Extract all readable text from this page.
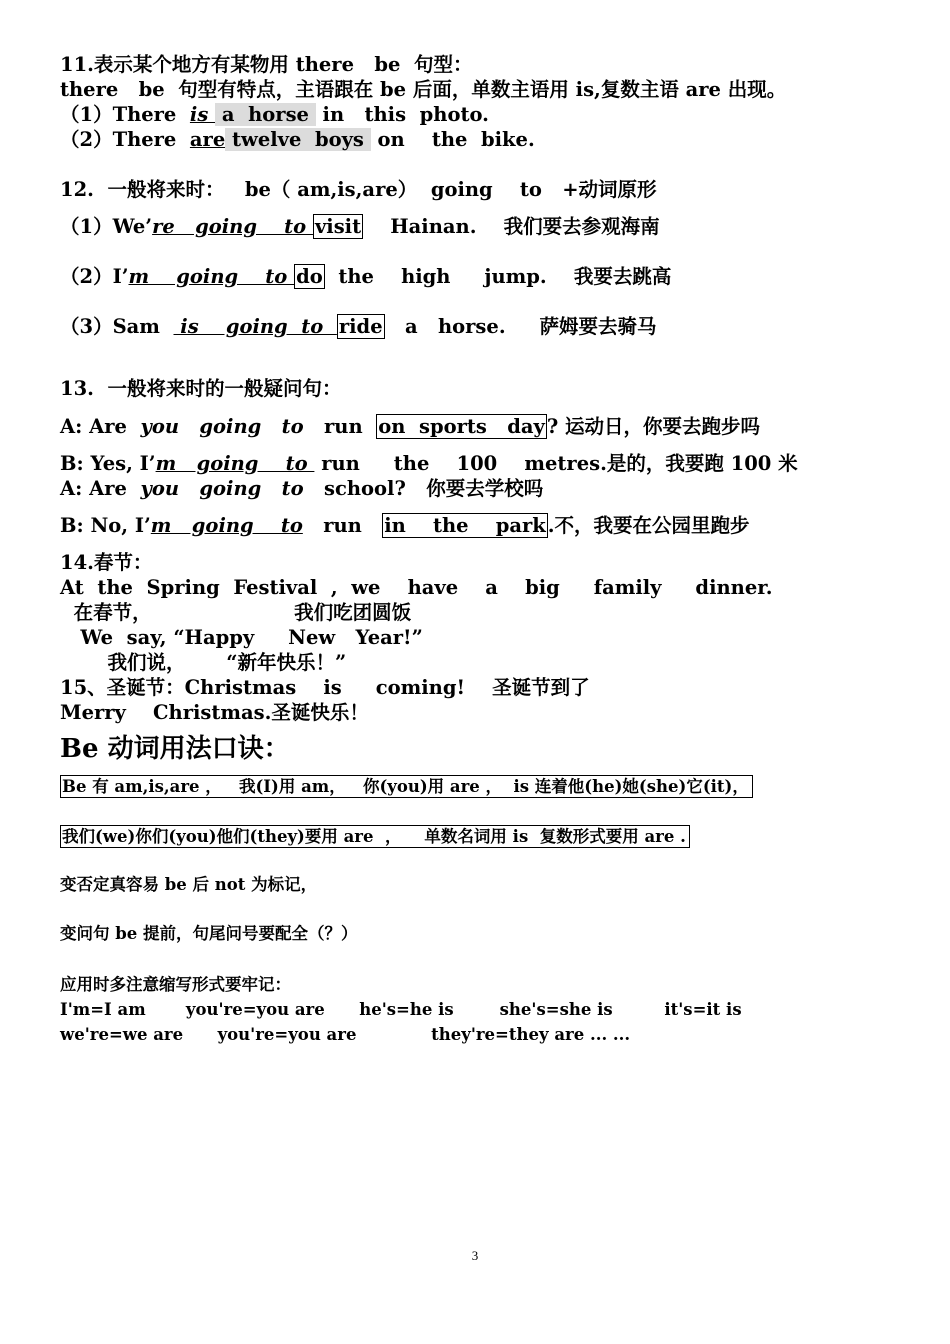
11.表示某个地方有某物用 there   be  句型：
there   be  句型有特点，主语跟在 be 后面，单数主语用 is,复数主语 are 出现。
（1）There  is  a  horse  in   this  photo.
（2）There  are twelve  boys  on    the  bike.
12.  一般将来时：   be（ am,is,are）  going    to   +动词原形
（1）We’re   going    to visit    Hainan.    我们要去参观海南
（2）I’m    going    to do  the    high     jump.    我要去跳高
（3）Sam   is    going  to  ride   a   horse.     萨姆要去骑马
13.  一般将来时的一般疑问句：
A: Are  you   going   to   run  on  sports   day ? 运动日，你要去跑步吗
B: Yes, I’m   going    to  run     the    100    metres.是的，我要跑 100 米
A: Are  you   going   to   school?   你要去学校吗
B: No, I’m   going    to   run   in    the    park .不，我要在公园里跑步
14.春节：
At  the  Spring  Festival  ,  we    have    a    big     family     dinner.
在春节，                     我们吃团圆饭
We  say, “Happy     New   Year!”
我们说，      “新年快乐！”
15、圣诞节：Christmas    is     coming!    圣诞节到了
Merry    Christmas.圣诞快乐！
Be 动词用法口诀：
Be 有 am,is,are ，   我(I)用 am，   你(you)用 are ，  is 连着他(he)她(she)它(it)，
我们(we)你们(you)他们(they)要用 are  ，    单数名词用 is  复数形式要用 are .
变否定真容易 be 后 not 为标记，
变问句 be 提前，句尾问号要配全（？）
应用时多注意缩写形式要牢记：
I'm=I am       you're=you are      he's=he is        she's=she is         it's=it is
we're=we are      you're=you are             they're=they are ... ...
3
